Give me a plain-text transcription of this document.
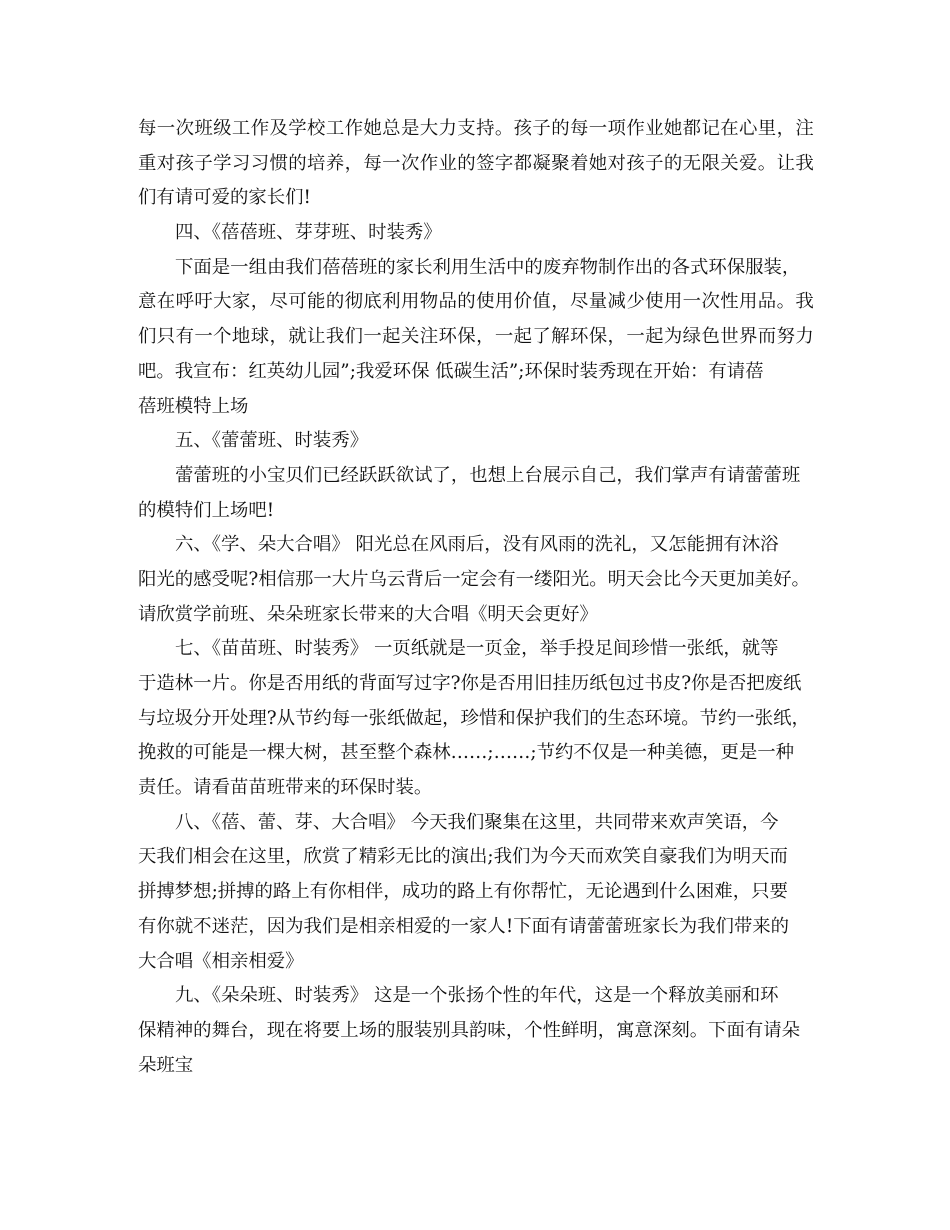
每 一 次 班 级 工 作 及 学 校 工 作 她 总 是 大 力 支 持 。 孩 子 的 每 一 项 作 业 她 都 记 在 心 里 ， 注
重 对 孩 子 学 习 习 惯 的 培 养 ， 每 一 次 作 业 的 签 字 都 凝 聚 着 她 对 孩 子 的 无 限 关 爱 。 让 我
们有请可爱的家长们!
四、《蓓蓓班、芽芽班、时装秀》
下面是一组由我们蓓蓓班的家长利用生活中的废弃物制作出的各式环保服装，
意 在 呼 吁 大 家 ， 尽 可 能 的 彻 底 利 用 物 品 的 使 用 价 值 ， 尽 量 减 少 使 用 一 次 性 用 品 。 我
们 只 有 一 个 地 球 ， 就 让 我 们 一 起 关 注 环 保 ， 一 起 了 解 环 保 ， 一 起 为 绿 色 世 界 而 努 力
吧。我宣布：红英幼儿园”;我爱环保 低碳生活”;环保时装秀现在开始：有请蓓
蓓班模特上场
五、《蕾蕾班、时装秀》
蕾蕾班的小宝贝们已经跃跃欲试了，也想上台展示自己，我们掌声有请蕾蕾班
的模特们上场吧!
六、《学、朵大合唱》 阳光总在风雨后，没有风雨的洗礼，又怎能拥有沐浴
阳光的感受呢?相信那一大片乌云背后一定会有一缕阳光。明天会比今天更加美好。
请欣赏学前班、朵朵班家长带来的大合唱《明天会更好》
七、《苗苗班、时装秀》 一页纸就是一页金，举手投足间珍惜一张纸，就等
于造林一片。你是否用纸的背面写过字?你是否用旧挂历纸包过书皮?你是否把废纸
与垃圾分开处理?从节约每一张纸做起，珍惜和保护我们的生态环境。节约一张纸，
挽救的可能是一棵大树，甚至整个森林……;……;节约不仅是一种美德，更是一种
责任。请看苗苗班带来的环保时装。
八、《蓓、蕾、芽、大合唱》 今天我们聚集在这里，共同带来欢声笑语，今
天我们相会在这里，欣赏了精彩无比的演出;我们为今天而欢笑自豪我们为明天而
拼搏梦想;拼搏的路上有你相伴，成功的路上有你帮忙，无论遇到什么困难，只要
有你就不迷茫，因为我们是相亲相爱的一家人!下面有请蕾蕾班家长为我们带来的
大合唱《相亲相爱》
九、《朵朵班、时装秀》 这是一个张扬个性的年代，这是一个释放美丽和环
保精神的舞台，现在将要上场的服装别具韵味，个性鲜明，寓意深刻。下面有请朵
朵班宝
